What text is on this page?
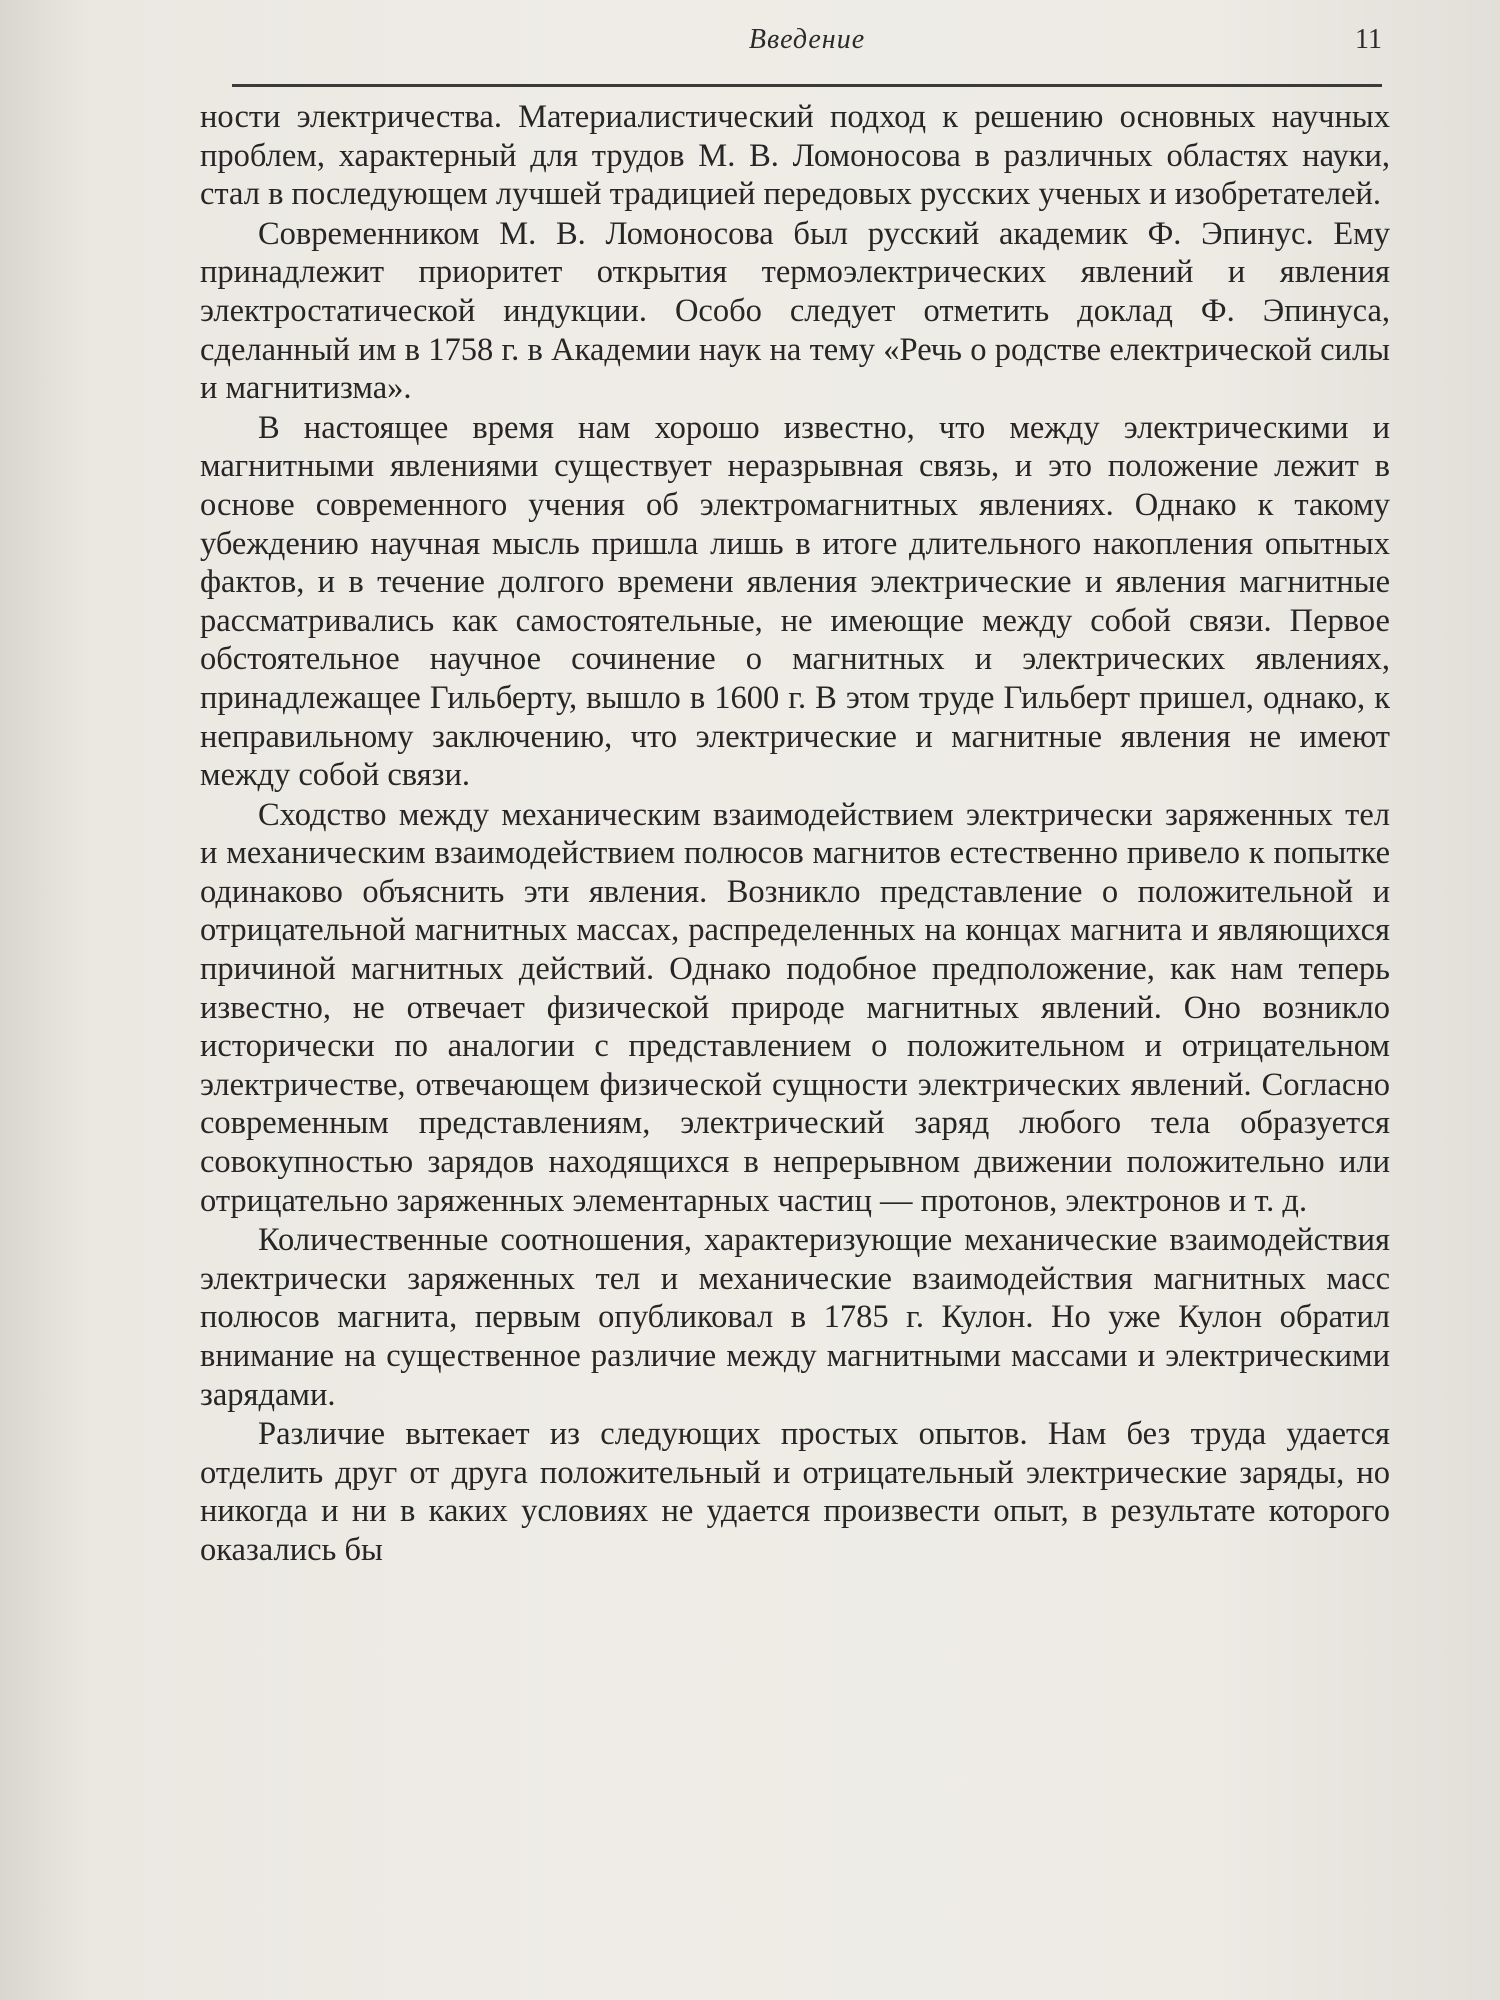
Введение	11

ности электричества. Материалистический подход к решению основных научных проблем, характерный для трудов М. В. Ломоносова в различных областях науки, стал в последующем лучшей традицией передовых русских ученых и изобретателей.

Современником М. В. Ломоносова был русский академик Ф. Эпинус. Ему принадлежит приоритет открытия термоэлектрических явлений и явления электростатической индукции. Особо следует отметить доклад Ф. Эпинуса, сделанный им в 1758 г. в Академии наук на тему «Речь о родстве електрической силы и магнитизма».

В настоящее время нам хорошо известно, что между электрическими и магнитными явлениями существует неразрывная связь, и это положение лежит в основе современного учения об электромагнитных явлениях. Однако к такому убеждению научная мысль пришла лишь в итоге длительного накопления опытных фактов, и в течение долгого времени явления электрические и явления магнитные рассматривались как самостоятельные, не имеющие между собой связи. Первое обстоятельное научное сочинение о магнитных и электрических явлениях, принадлежащее Гильберту, вышло в 1600 г. В этом труде Гильберт пришел, однако, к неправильному заключению, что электрические и магнитные явления не имеют между собой связи.

Сходство между механическим взаимодействием электрически заряженных тел и механическим взаимодействием полюсов магнитов естественно привело к попытке одинаково объяснить эти явления. Возникло представление о положительной и отрицательной магнитных массах, распределенных на концах магнита и являющихся причиной магнитных действий. Однако подобное предположение, как нам теперь известно, не отвечает физической природе магнитных явлений. Оно возникло исторически по аналогии с представлением о положительном и отрицательном электричестве, отвечающем физической сущности электрических явлений. Согласно современным представлениям, электрический заряд любого тела образуется совокупностью зарядов находящихся в непрерывном движении положительно или отрицательно заряженных элементарных частиц — протонов, электронов и т. д.

Количественные соотношения, характеризующие механические взаимодействия электрически заряженных тел и механические взаимодействия магнитных масс полюсов магнита, первым опубликовал в 1785 г. Кулон. Но уже Кулон обратил внимание на существенное различие между магнитными массами и электрическими зарядами.

Различие вытекает из следующих простых опытов. Нам без труда удается отделить друг от друга положительный и отрицательный электрические заряды, но никогда и ни в каких условиях не удается произвести опыт, в результате которого оказались бы
